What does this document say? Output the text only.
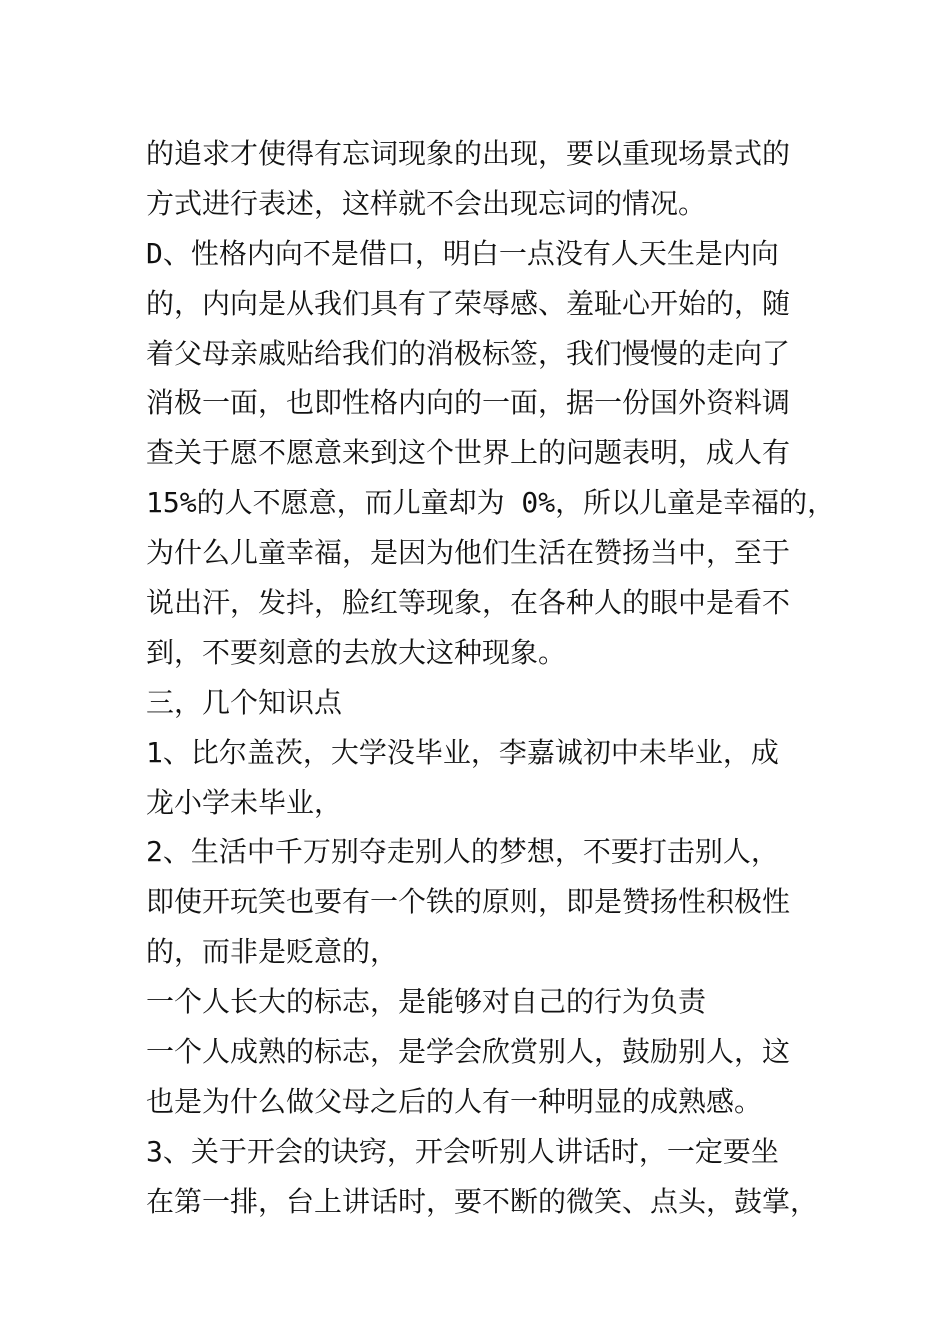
的追求才使得有忘词现象的出现，要以重现场景式的
方式进行表述，这样就不会出现忘词的情况。
D、性格内向不是借口，明白一点没有人天生是内向
的，内向是从我们具有了荣辱感、羞耻心开始的，随
着父母亲戚贴给我们的消极标签，我们慢慢的走向了
消极一面，也即性格内向的一面，据一份国外资料调
查关于愿不愿意来到这个世界上的问题表明，成人有
15%的人不愿意，而儿童却为 0%，所以儿童是幸福的，
为什么儿童幸福，是因为他们生活在赞扬当中，至于
说出汗，发抖，脸红等现象，在各种人的眼中是看不
到，不要刻意的去放大这种现象。
三，几个知识点
1、比尔盖茨，大学没毕业，李嘉诚初中未毕业，成
龙小学未毕业，
2、生活中千万别夺走别人的梦想，不要打击别人，
即使开玩笑也要有一个铁的原则，即是赞扬性积极性
的，而非是贬意的，
一个人长大的标志，是能够对自己的行为负责
一个人成熟的标志，是学会欣赏别人，鼓励别人，这
也是为什么做父母之后的人有一种明显的成熟感。
3、关于开会的诀窍，开会听别人讲话时，一定要坐
在第一排，台上讲话时，要不断的微笑、点头，鼓掌，
